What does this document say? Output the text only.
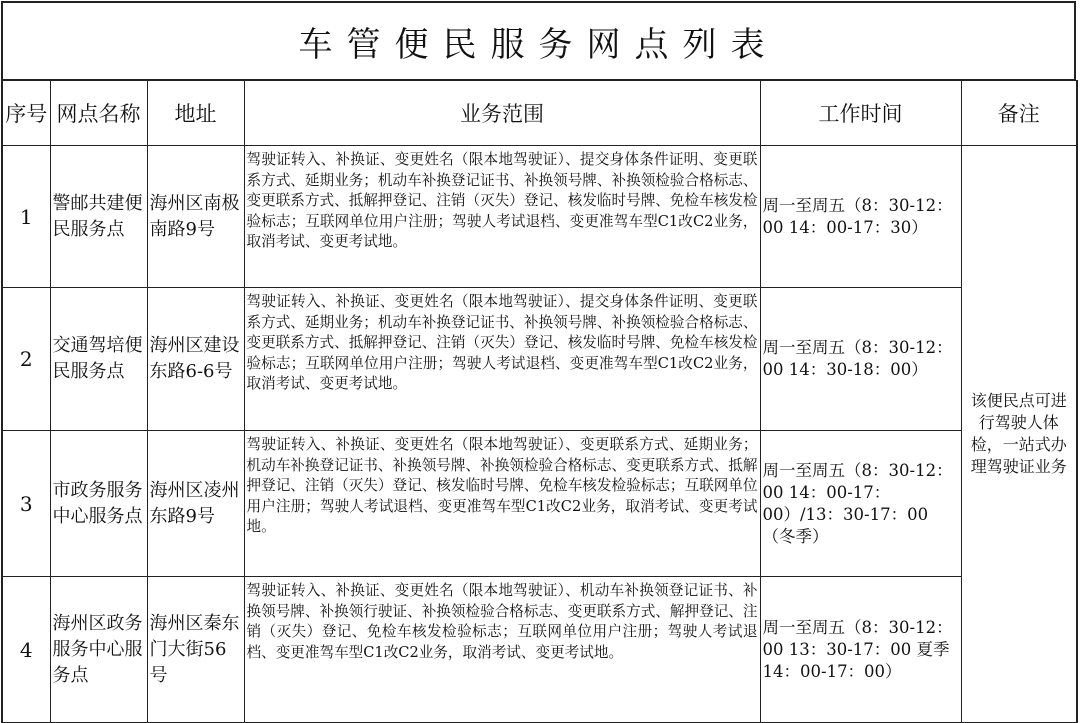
车管便民服务网点列表
序号	网点名称	地址	业务范围	工作时间	备注
1	警邮共建便民服务点	海州区南极南路9号	驾驶证转入、补换证、变更姓名（限本地驾驶证）、提交身体条件证明、变更联系方式、延期业务；机动车补换登记证书、补换领号牌、补换领检验合格标志、变更联系方式、抵解押登记、注销（灭失）登记、核发临时号牌、免检车核发检验标志；互联网单位用户注册；驾驶人考试退档、变更准驾车型C1改C2业务，取消考试、变更考试地。	周一至周五（8：30-12：00 14：00-17：30）	该便民点可进行驾驶人体检，一站式办理驾驶证业务
2	交通驾培便民服务点	海州区建设东路6-6号	驾驶证转入、补换证、变更姓名（限本地驾驶证）、提交身体条件证明、变更联系方式、延期业务；机动车补换登记证书、补换领号牌、补换领检验合格标志、变更联系方式、抵解押登记、注销（灭失）登记、核发临时号牌、免检车核发检验标志；互联网单位用户注册；驾驶人考试退档、变更准驾车型C1改C2业务，取消考试、变更考试地。	周一至周五（8：30-12：00 14：30-18：00）	
3	市政务服务中心服务点	海州区凌州东路9号	驾驶证转入、补换证、变更姓名（限本地驾驶证）、变更联系方式、延期业务；机动车补换登记证书、补换领号牌、补换领检验合格标志、变更联系方式、抵解押登记、注销（灭失）登记、核发临时号牌、免检车核发检验标志；互联网单位用户注册；驾驶人考试退档、变更准驾车型C1改C2业务，取消考试、变更考试地。	周一至周五（8：30-12：00 14：00-17：00）/13：30-17：00（冬季）	
4	海州区政务服务中心服务点	海州区秦东门大街56号	驾驶证转入、补换证、变更姓名（限本地驾驶证）、机动车补换领登记证书、补换领号牌、补换领行驶证、补换领检验合格标志、变更联系方式、解押登记、注销（灭失）登记、免检车核发检验标志；互联网单位用户注册；驾驶人考试退档、变更准驾车型C1改C2业务，取消考试、变更考试地。	周一至周五（8：30-12：00 13：30-17：00 夏季 14：00-17：00）	
